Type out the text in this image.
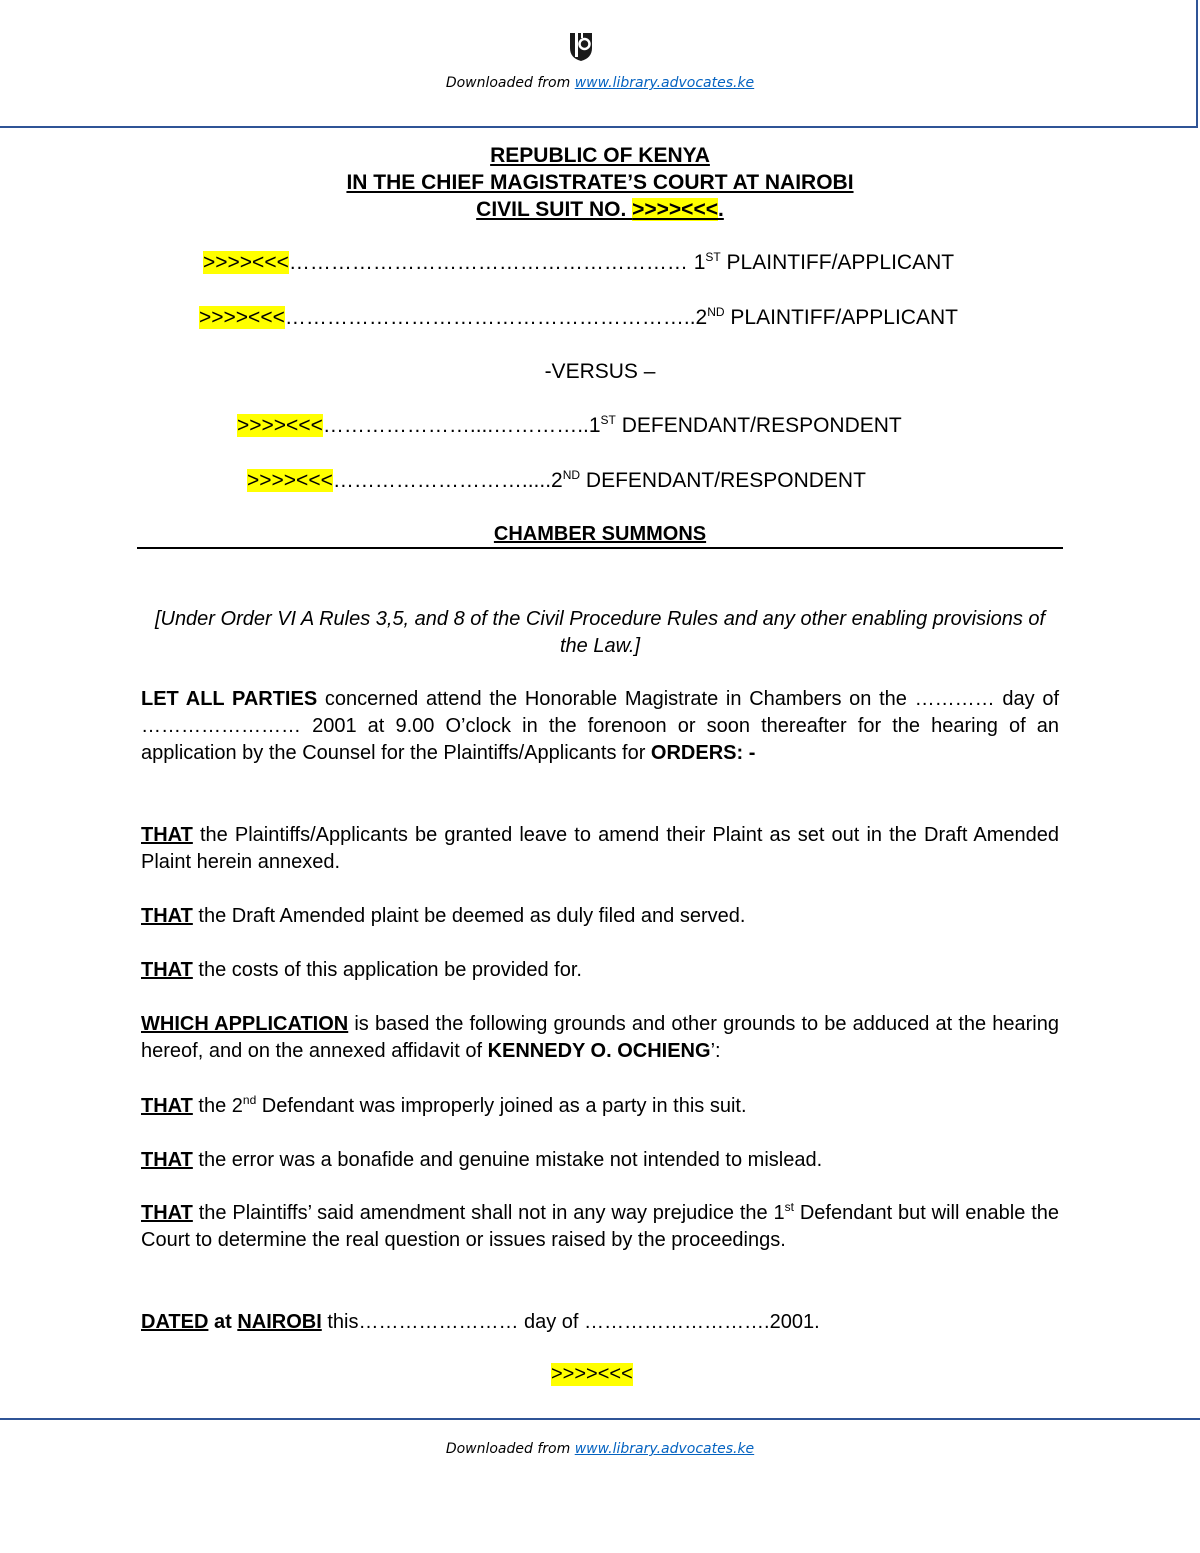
Downloaded from www.library.advocates.ke
REPUBLIC OF KENYA
IN THE CHIEF MAGISTRATE’S COURT AT NAIROBI
CIVIL SUIT NO. >>>><<<.
>>>><<<………………………………………………… 1ST PLAINTIFF/APPLICANT
>>>><<<…………………………………………………..2ND PLAINTIFF/APPLICANT
-VERSUS –
>>>><<<…………………....…………..1ST DEFENDANT/RESPONDENT
>>>><<<……………………….....2ND DEFENDANT/RESPONDENT
CHAMBER SUMMONS
[Under Order VI A Rules 3,5, and 8 of the Civil Procedure Rules and any other enabling provisions of the Law.]
LET ALL PARTIES concerned attend the Honorable Magistrate in Chambers on the ………… day of …………………… 2001 at 9.00 O’clock in the forenoon or soon thereafter for the hearing of an application by the Counsel for the Plaintiffs/Applicants for ORDERS: -
THAT the Plaintiffs/Applicants be granted leave to amend their Plaint as set out in the Draft Amended Plaint herein annexed.
THAT the Draft Amended plaint be deemed as duly filed and served.
THAT the costs of this application be provided for.
WHICH APPLICATION is based the following grounds and other grounds to be adduced at the hearing hereof, and on the annexed affidavit of KENNEDY O. OCHIENG’:
THAT the 2nd Defendant was improperly joined as a party in this suit.
THAT the error was a bonafide and genuine mistake not intended to mislead.
THAT the Plaintiffs’ said amendment shall not in any way prejudice the 1st Defendant but will enable the Court to determine the real question or issues raised by the proceedings.
DATED at NAIROBI this…………………… day of ……………………….2001.
>>>><<<
Downloaded from www.library.advocates.ke
